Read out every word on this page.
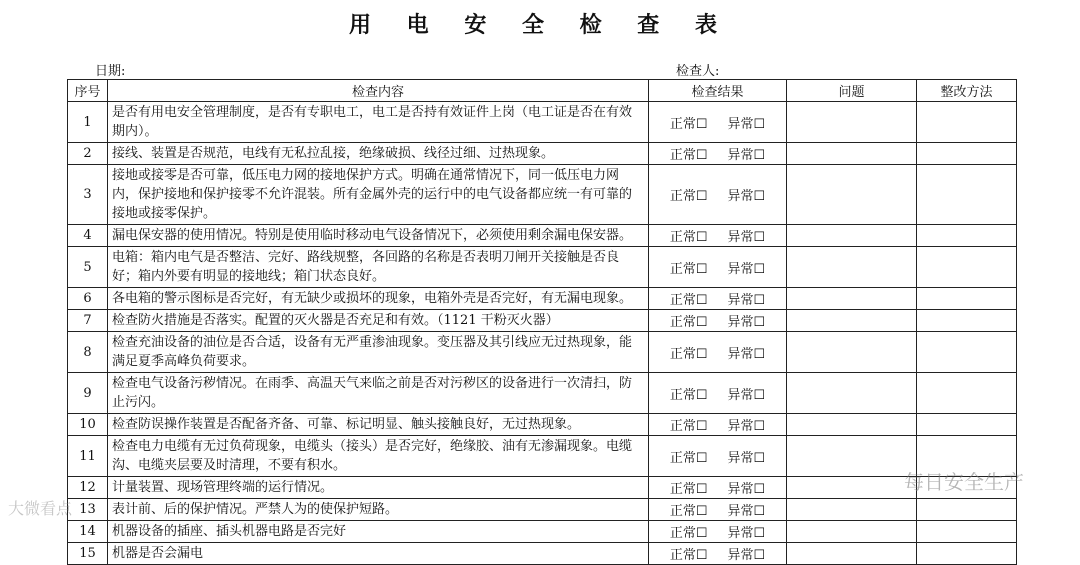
用 电 安 全 检 查 表
日期:	检查人:
序号	检查内容	检查结果	问题	整改方法
1	是否有用电安全管理制度，是否有专职电工，电工是否持有效证件上岗（电工证是否在有效期内）。	正常☐ 异常☐		
2	接线、装置是否规范，电线有无私拉乱接，绝缘破损、线径过细、过热现象。	正常☐ 异常☐		
3	接地或接零是否可靠，低压电力网的接地保护方式。明确在通常情况下，同一低压电力网内，保护接地和保护接零不允许混装。所有金属外壳的运行中的电气设备都应统一有可靠的接地或接零保护。	正常☐ 异常☐		
4	漏电保安器的使用情况。特别是使用临时移动电气设备情况下，必须使用剩余漏电保安器。	正常☐ 异常☐		
5	电箱：箱内电气是否整洁、完好、路线规整，各回路的名称是否表明刀闸开关接触是否良好；箱内外要有明显的接地线；箱门状态良好。	正常☐ 异常☐		
6	各电箱的警示图标是否完好，有无缺少或损坏的现象，电箱外壳是否完好，有无漏电现象。	正常☐ 异常☐		
7	检查防火措施是否落实。配置的灭火器是否充足和有效。（1121 干粉灭火器）	正常☐ 异常☐		
8	检查充油设备的油位是否合适，设备有无严重渗油现象。变压器及其引线应无过热现象，能满足夏季高峰负荷要求。	正常☐ 异常☐		
9	检查电气设备污秽情况。在雨季、高温天气来临之前是否对污秽区的设备进行一次清扫，防止污闪。	正常☐ 异常☐		
10	检查防误操作装置是否配备齐备、可靠、标记明显、触头接触良好，无过热现象。	正常☐ 异常☐		
11	检查电力电缆有无过负荷现象，电缆头（接头）是否完好，绝缘胶、油有无渗漏现象。电缆沟、电缆夹层要及时清理，不要有积水。	正常☐ 异常☐		
12	计量装置、现场管理终端的运行情况。	正常☐ 异常☐		
13	表计前、后的保护情况。严禁人为的使保护短路。	正常☐ 异常☐		
14	机器设备的插座、插头机器电路是否完好	正常☐ 异常☐		
15	机器是否会漏电	正常☐ 异常☐		
每日安全生产
大微看点
